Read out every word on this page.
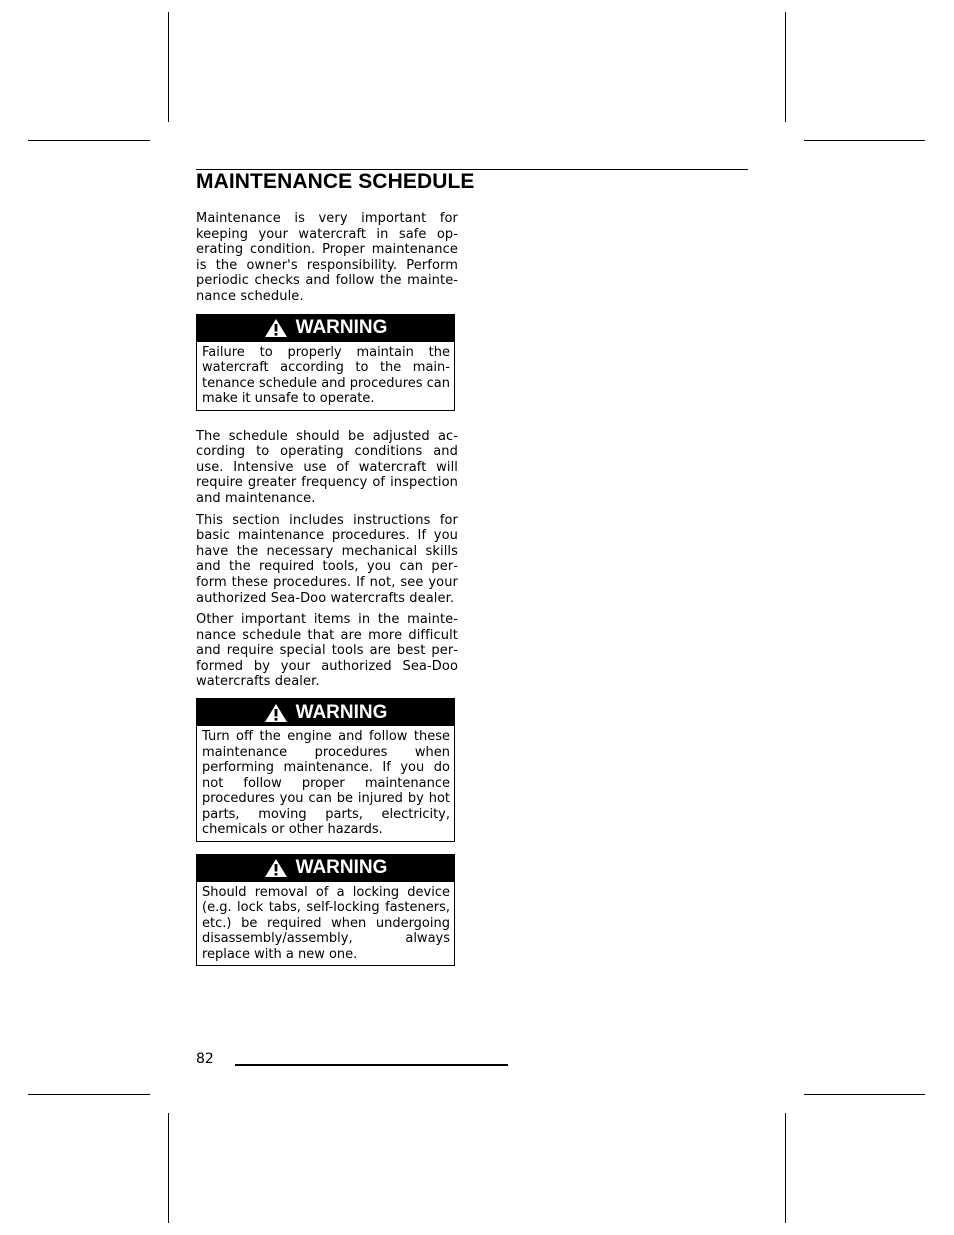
MAINTENANCE SCHEDULE

Maintenance is very important for keeping your watercraft in safe operating condition. Proper maintenance is the owner's responsibility. Perform periodic checks and follow the maintenance schedule.

WARNING

Failure to properly maintain the watercraft according to the maintenance schedule and procedures can make it unsafe to operate.

The schedule should be adjusted according to operating conditions and use. Intensive use of watercraft will require greater frequency of inspection and maintenance.

This section includes instructions for basic maintenance procedures. If you have the necessary mechanical skills and the required tools, you can perform these procedures. If not, see your authorized Sea-Doo watercrafts dealer.

Other important items in the maintenance schedule that are more difficult and require special tools are best performed by your authorized Sea-Doo watercrafts dealer.

WARNING

Turn off the engine and follow these maintenance procedures when performing maintenance. If you do not follow proper maintenance procedures you can be injured by hot parts, moving parts, electricity, chemicals or other hazards.

WARNING

Should removal of a locking device (e.g. lock tabs, self-locking fasteners, etc.) be required when undergoing disassembly/assembly, always replace with a new one.

82
